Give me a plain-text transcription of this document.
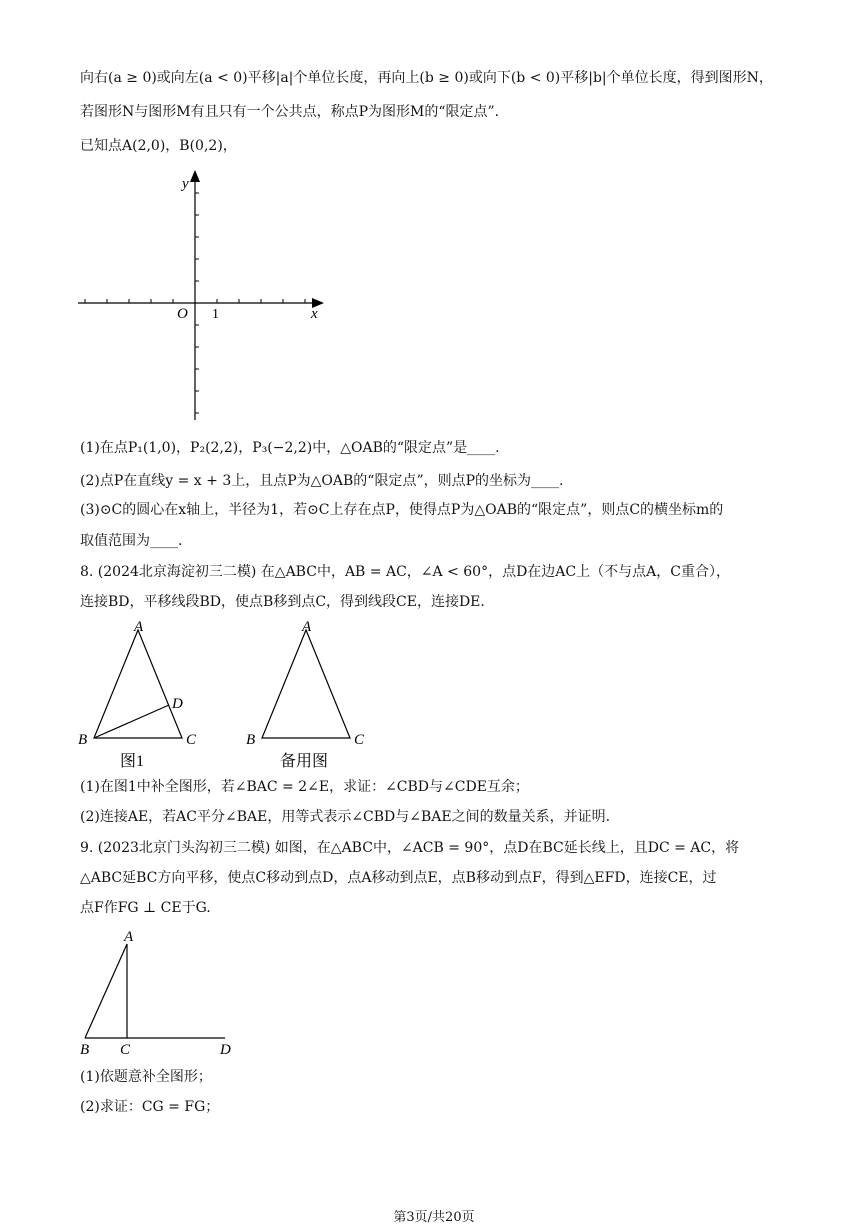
向右(a ≥ 0)或向左(a < 0)平移|a|个单位长度，再向上(b ≥ 0)或向下(b < 0)平移|b|个单位长度，得到图形N，
若图形N与图形M有且只有一个公共点，称点P为图形M的“限定点”.
已知点A(2,0)，B(0,2)，
y
x
O 1
(1)在点P₁(1,0)，P₂(2,2)，P₃(−2,2)中，△OAB的“限定点”是____.
(2)点P在直线y = x + 3上，且点P为△OAB的“限定点”，则点P的坐标为____.
(3)⊙C的圆心在x轴上，半径为1，若⊙C上存在点P，使得点P为△OAB的“限定点”，则点C的横坐标m的
取值范围为____.
8. (2024北京海淀初三二模) 在△ABC中，AB = AC，∠A < 60°，点D在边AC上（不与点A，C重合），
连接BD，平移线段BD，使点B移到点C，得到线段CE，连接DE.
A
B	C
D
图1
A
B	C
备用图
(1)在图1中补全图形，若∠BAC = 2∠E，求证：∠CBD与∠CDE互余；
(2)连接AE，若AC平分∠BAE，用等式表示∠CBD与∠BAE之间的数量关系，并证明.
9. (2023北京门头沟初三二模) 如图，在△ABC中，∠ACB = 90°，点D在BC延长线上，且DC = AC，将
△ABC延BC方向平移，使点C移动到点D，点A移动到点E，点B移动到点F，得到△EFD，连接CE，过
点F作FG ⊥ CE于G.
A
B C	D
(1)依题意补全图形；
(2)求证：CG = FG；
第3页/共20页
